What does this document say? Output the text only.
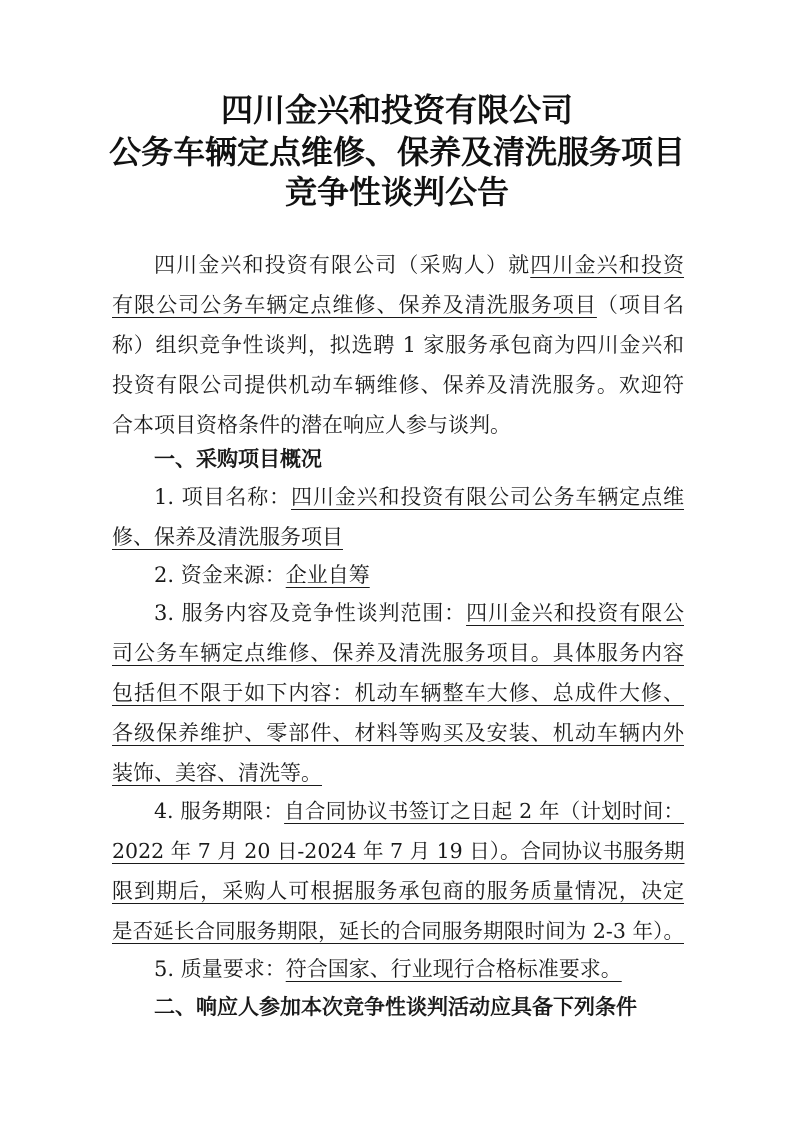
四川金兴和投资有限公司
公务车辆定点维修、保养及清洗服务项目
竞争性谈判公告
四川金兴和投资有限公司（采购人）就四川金兴和投资
有限公司公务车辆定点维修、保养及清洗服务项目（项目名
称）组织竞争性谈判，拟选聘 1 家服务承包商为四川金兴和
投资有限公司提供机动车辆维修、保养及清洗服务。欢迎符
合本项目资格条件的潜在响应人参与谈判。
一、采购项目概况
1. 项目名称：四川金兴和投资有限公司公务车辆定点维
修、保养及清洗服务项目
2. 资金来源：企业自筹
3. 服务内容及竞争性谈判范围：四川金兴和投资有限公
司公务车辆定点维修、保养及清洗服务项目。具体服务内容
包括但不限于如下内容：机动车辆整车大修、总成件大修、
各级保养维护、零部件、材料等购买及安装、机动车辆内外
装饰、美容、清洗等。
4. 服务期限：自合同协议书签订之日起 2 年（计划时间：
2022 年 7 月 20 日-2024 年 7 月 19 日）。合同协议书服务期
限到期后，采购人可根据服务承包商的服务质量情况，决定
是否延长合同服务期限，延长的合同服务期限时间为 2-3 年）。
5. 质量要求：符合国家、行业现行合格标准要求。
二、响应人参加本次竞争性谈判活动应具备下列条件
